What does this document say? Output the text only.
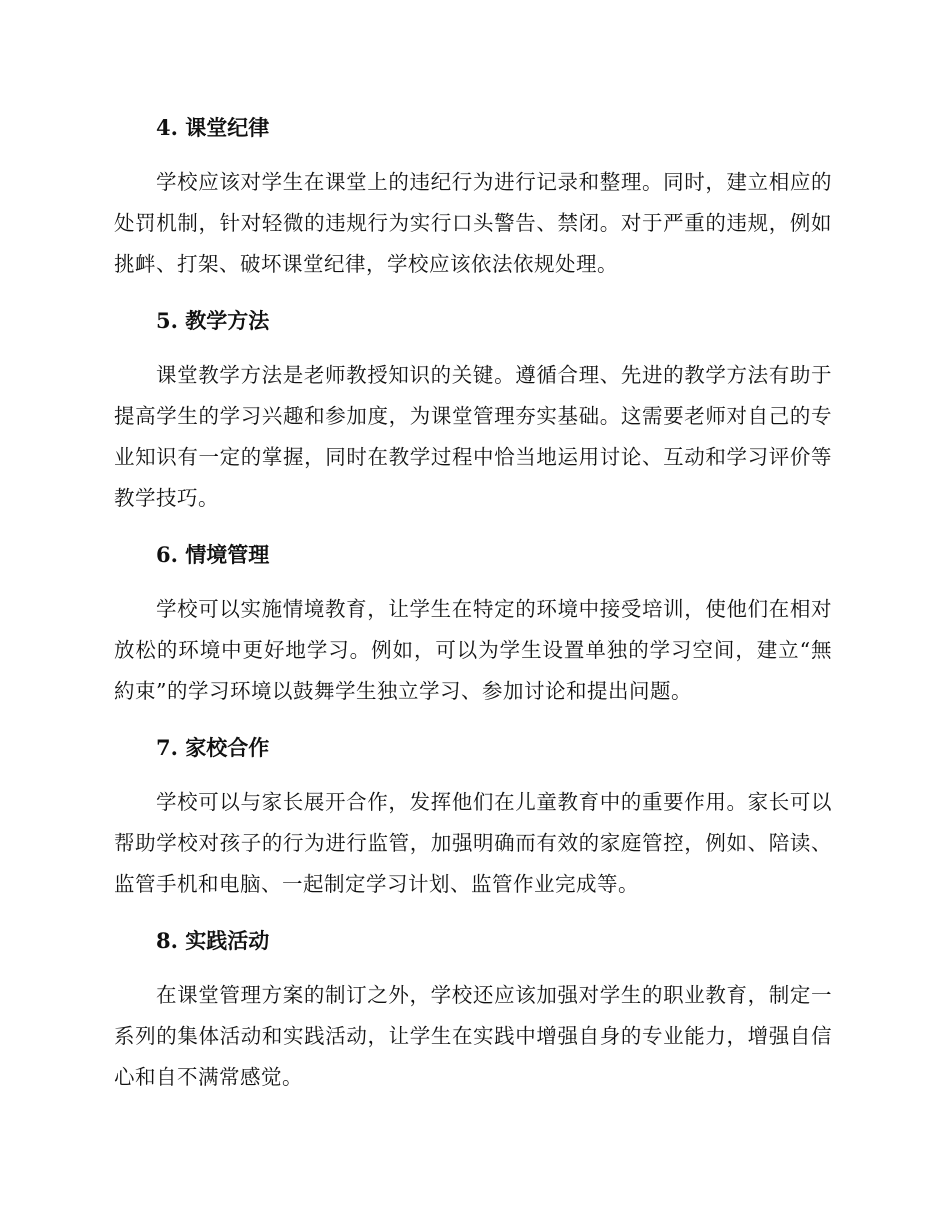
4. 课堂纪律

学校应该对学生在课堂上的违纪行为进行记录和整理。同时，建立相应的处罚机制，针对轻微的违规行为实行口头警告、禁闭。对于严重的违规，例如挑衅、打架、破坏课堂纪律，学校应该依法依规处理。

5. 教学方法

课堂教学方法是老师教授知识的关键。遵循合理、先进的教学方法有助于提高学生的学习兴趣和参加度，为课堂管理夯实基础。这需要老师对自己的专业知识有一定的掌握，同时在教学过程中恰当地运用讨论、互动和学习评价等教学技巧。

6. 情境管理

学校可以实施情境教育，让学生在特定的环境中接受培训，使他们在相对放松的环境中更好地学习。例如，可以为学生设置单独的学习空间，建立“無約束”的学习环境以鼓舞学生独立学习、参加讨论和提出问题。

7. 家校合作

学校可以与家长展开合作，发挥他们在儿童教育中的重要作用。家长可以帮助学校对孩子的行为进行监管，加强明确而有效的家庭管控，例如、陪读、监管手机和电脑、一起制定学习计划、监管作业完成等。

8. 实践活动

在课堂管理方案的制订之外，学校还应该加强对学生的职业教育，制定一系列的集体活动和实践活动，让学生在实践中增强自身的专业能力，增强自信心和自不满常感觉。
